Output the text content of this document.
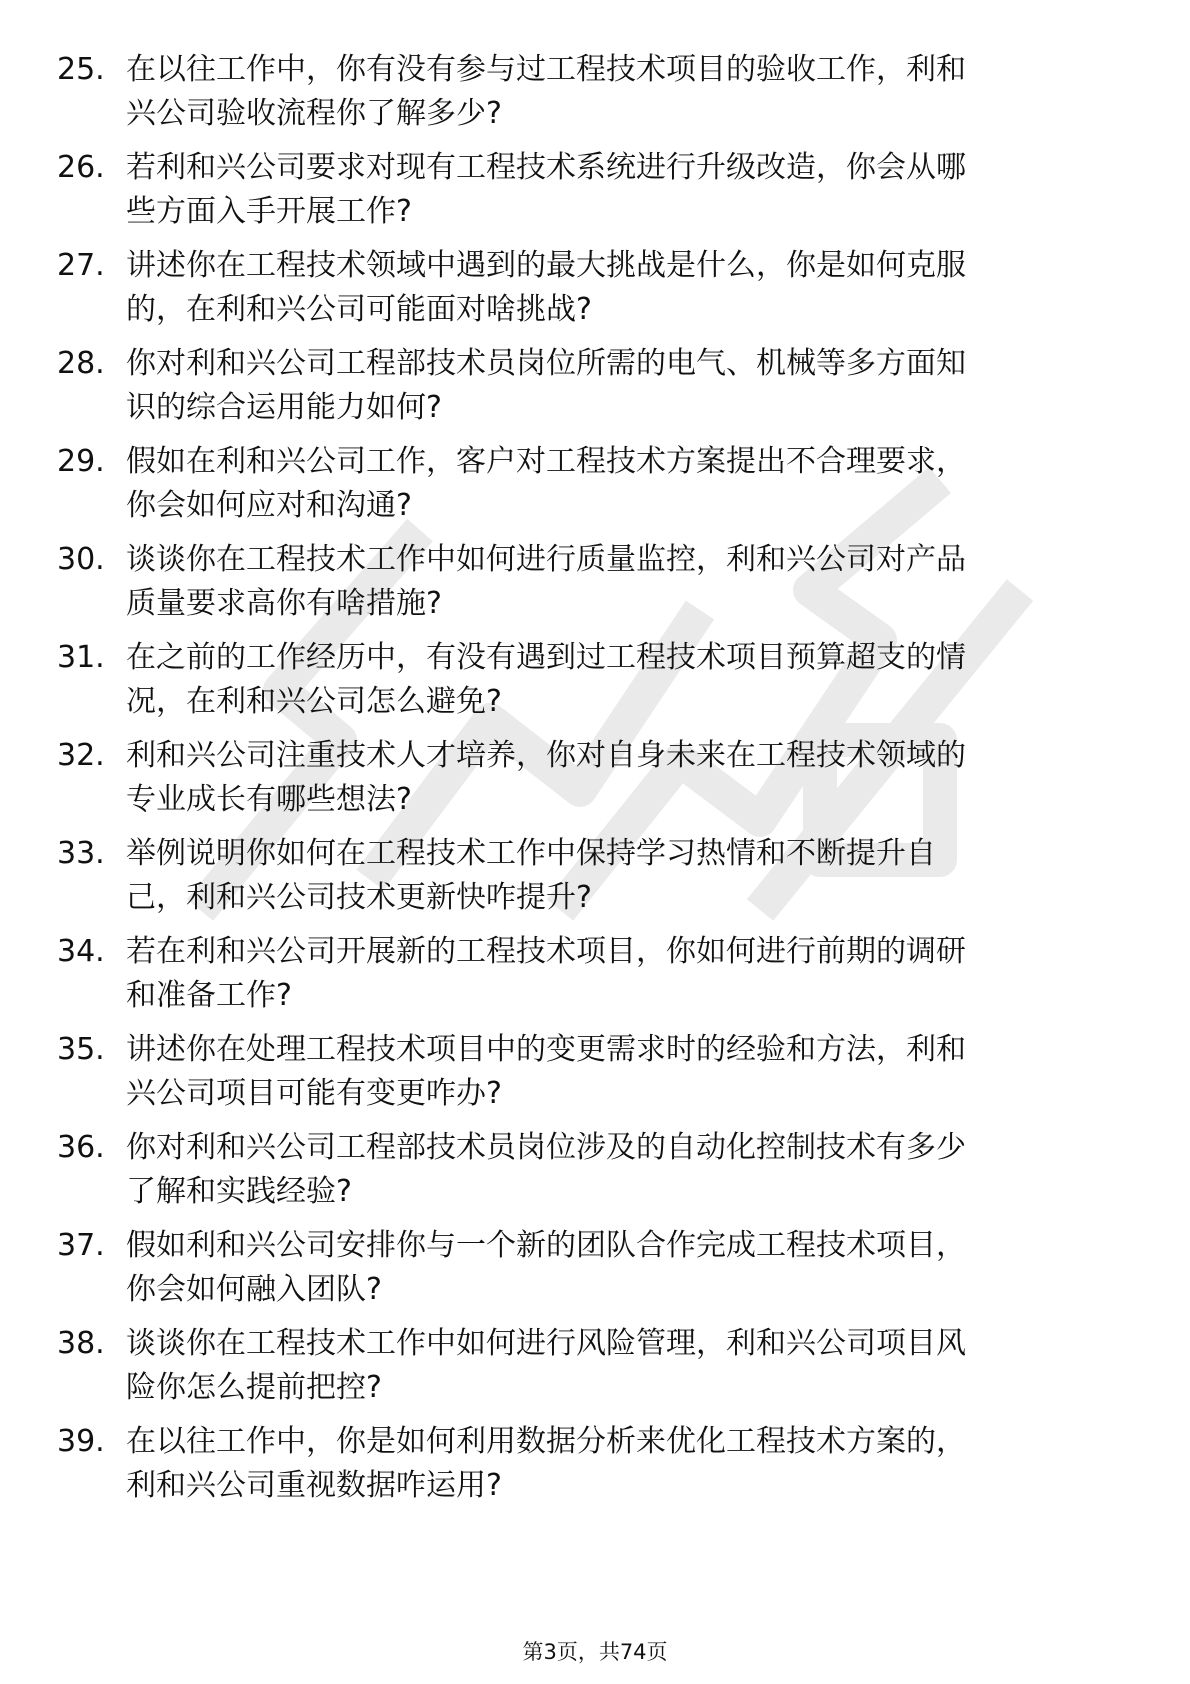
25. 在以往工作中，你有没有参与过工程技术项目的验收工作，利和
兴公司验收流程你了解多少?
26. 若利和兴公司要求对现有工程技术系统进行升级改造，你会从哪
些方面入手开展工作?
27. 讲述你在工程技术领域中遇到的最大挑战是什么，你是如何克服
的，在利和兴公司可能面对啥挑战?
28. 你对利和兴公司工程部技术员岗位所需的电气、机械等多方面知
识的综合运用能力如何?
29. 假如在利和兴公司工作，客户对工程技术方案提出不合理要求，
你会如何应对和沟通?
30. 谈谈你在工程技术工作中如何进行质量监控，利和兴公司对产品
质量要求高你有啥措施?
31. 在之前的工作经历中，有没有遇到过工程技术项目预算超支的情
况，在利和兴公司怎么避免?
32. 利和兴公司注重技术人才培养，你对自身未来在工程技术领域的
专业成长有哪些想法?
33. 举例说明你如何在工程技术工作中保持学习热情和不断提升自
己，利和兴公司技术更新快咋提升?
34. 若在利和兴公司开展新的工程技术项目，你如何进行前期的调研
和准备工作?
35. 讲述你在处理工程技术项目中的变更需求时的经验和方法，利和
兴公司项目可能有变更咋办?
36. 你对利和兴公司工程部技术员岗位涉及的自动化控制技术有多少
了解和实践经验?
37. 假如利和兴公司安排你与一个新的团队合作完成工程技术项目，
你会如何融入团队?
38. 谈谈你在工程技术工作中如何进行风险管理，利和兴公司项目风
险你怎么提前把控?
39. 在以往工作中，你是如何利用数据分析来优化工程技术方案的，
利和兴公司重视数据咋运用?
第3页，共74页
